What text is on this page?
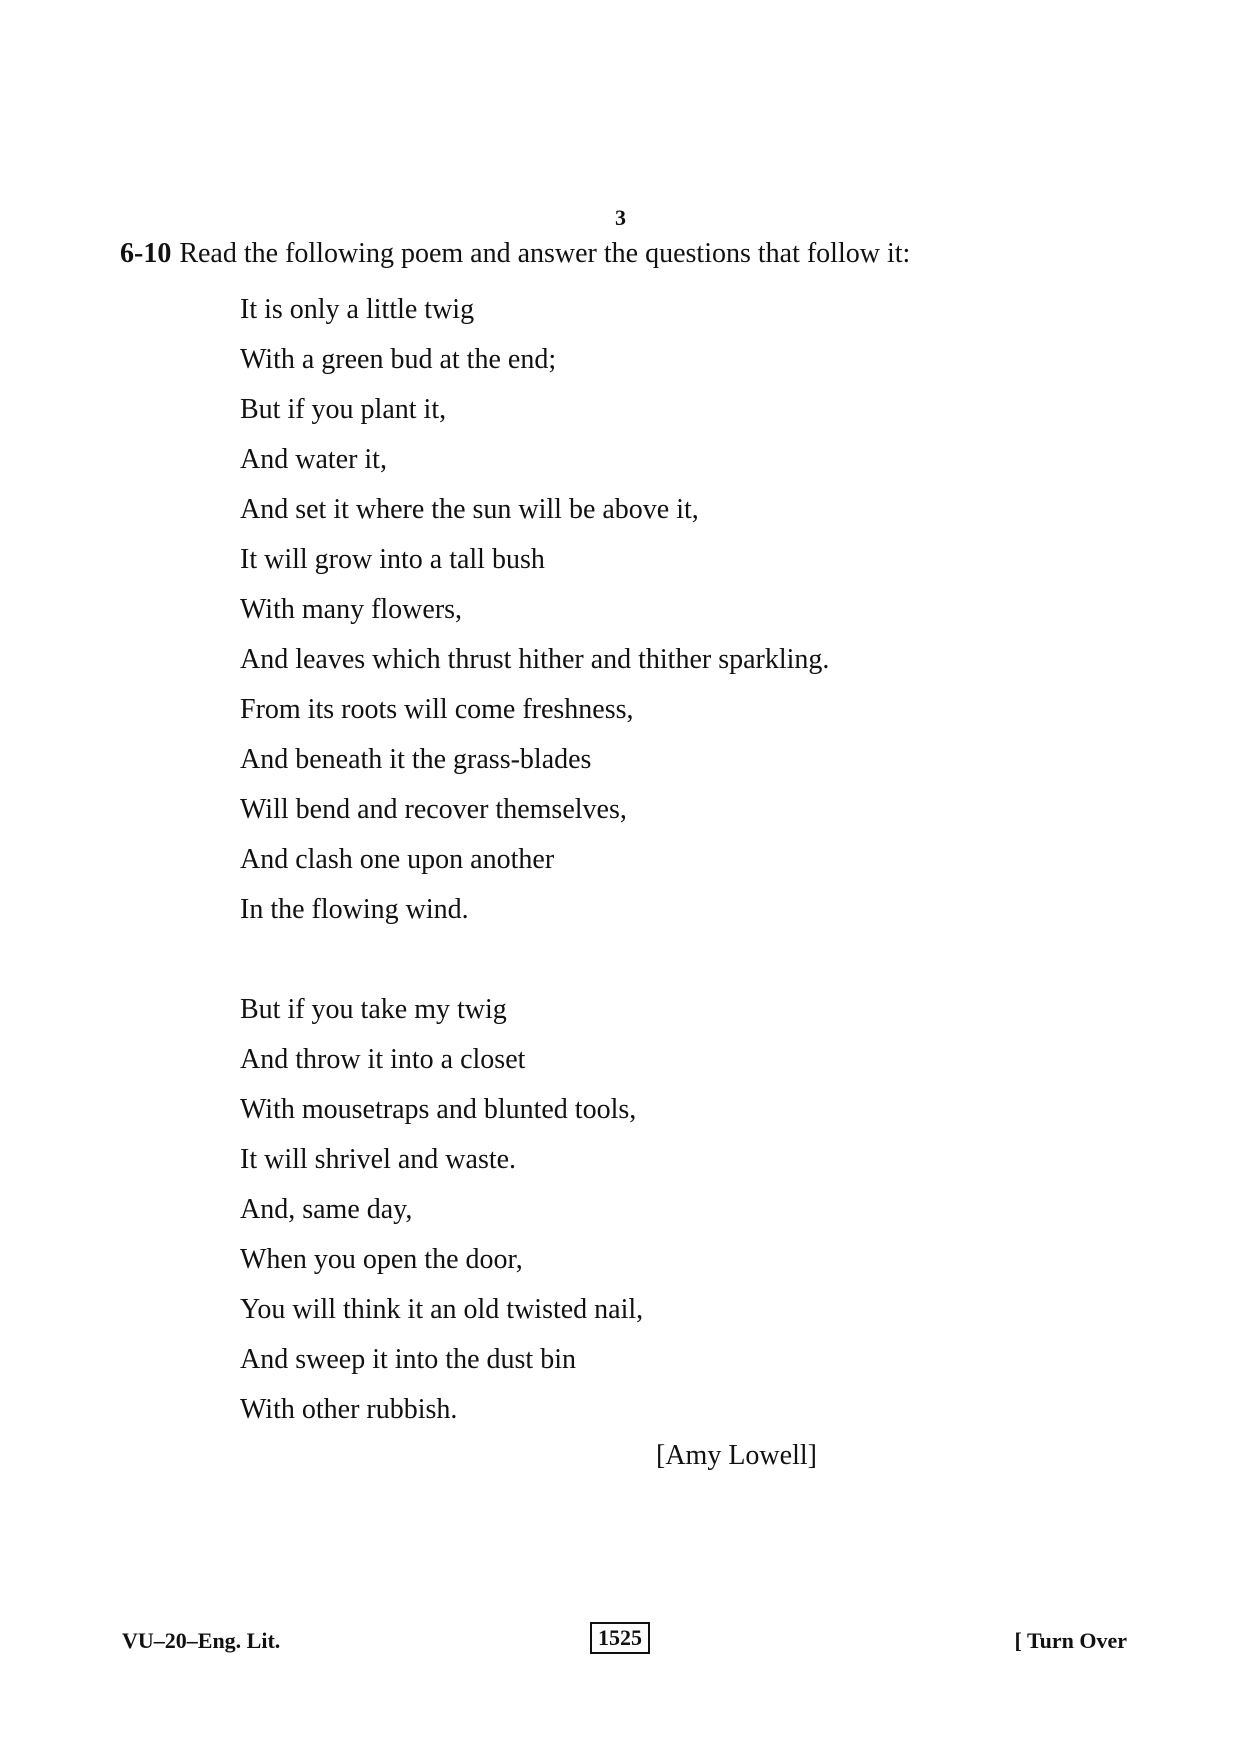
3
6-10 Read the following poem and answer the questions that follow it:
It is only a little twig
With a green bud at the end;
But if you plant it,
And water it,
And set it where the sun will be above it,
It will grow into a tall bush
With many flowers,
And leaves which thrust hither and thither sparkling.
From its roots will come freshness,
And beneath it the grass-blades
Will bend and recover themselves,
And clash one upon another
In the flowing wind.
But if you take my twig
And throw it into a closet
With mousetraps and blunted tools,
It will shrivel and waste.
And, same day,
When you open the door,
You will think it an old twisted nail,
And sweep it into the dust bin
With other rubbish.
[Amy Lowell]
VU–20–Eng. Lit.	1525	[ Turn Over
